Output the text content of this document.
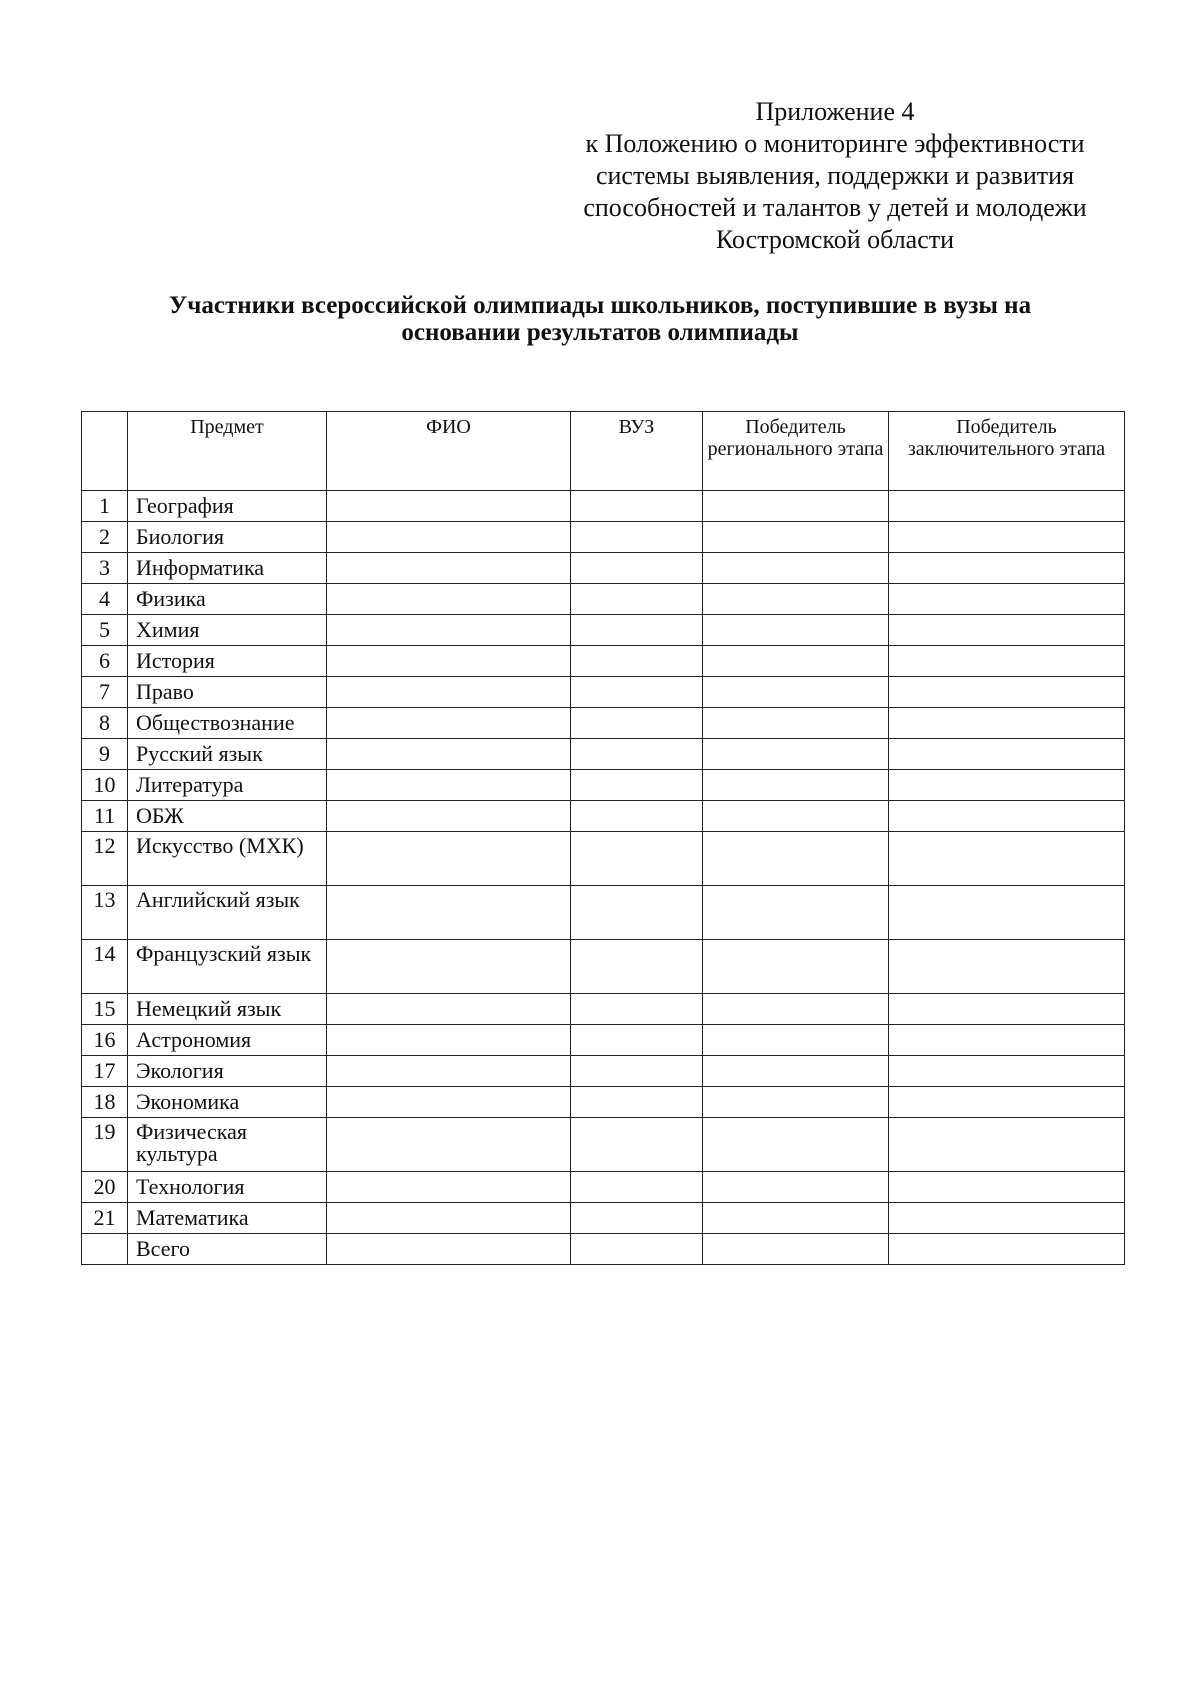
Приложение 4
к Положению о мониторинге эффективности
системы выявления, поддержки и развития
способностей и талантов у детей и молодежи
Костромской области
Участники всероссийской олимпиады школьников, поступившие в вузы на
основании результатов олимпиады
	Предмет	ФИО	ВУЗ	Победитель регионального этапа	Победитель заключительного этапа
1	География				
2	Биология				
3	Информатика				
4	Физика				
5	Химия				
6	История				
7	Право				
8	Обществознание				
9	Русский язык				
10	Литература				
11	ОБЖ				
12	Искусство (МХК)				
13	Английский язык				
14	Французский язык				
15	Немецкий язык				
16	Астрономия				
17	Экология				
18	Экономика				
19	Физическая культура				
20	Технология				
21	Математика				
	Всего				
